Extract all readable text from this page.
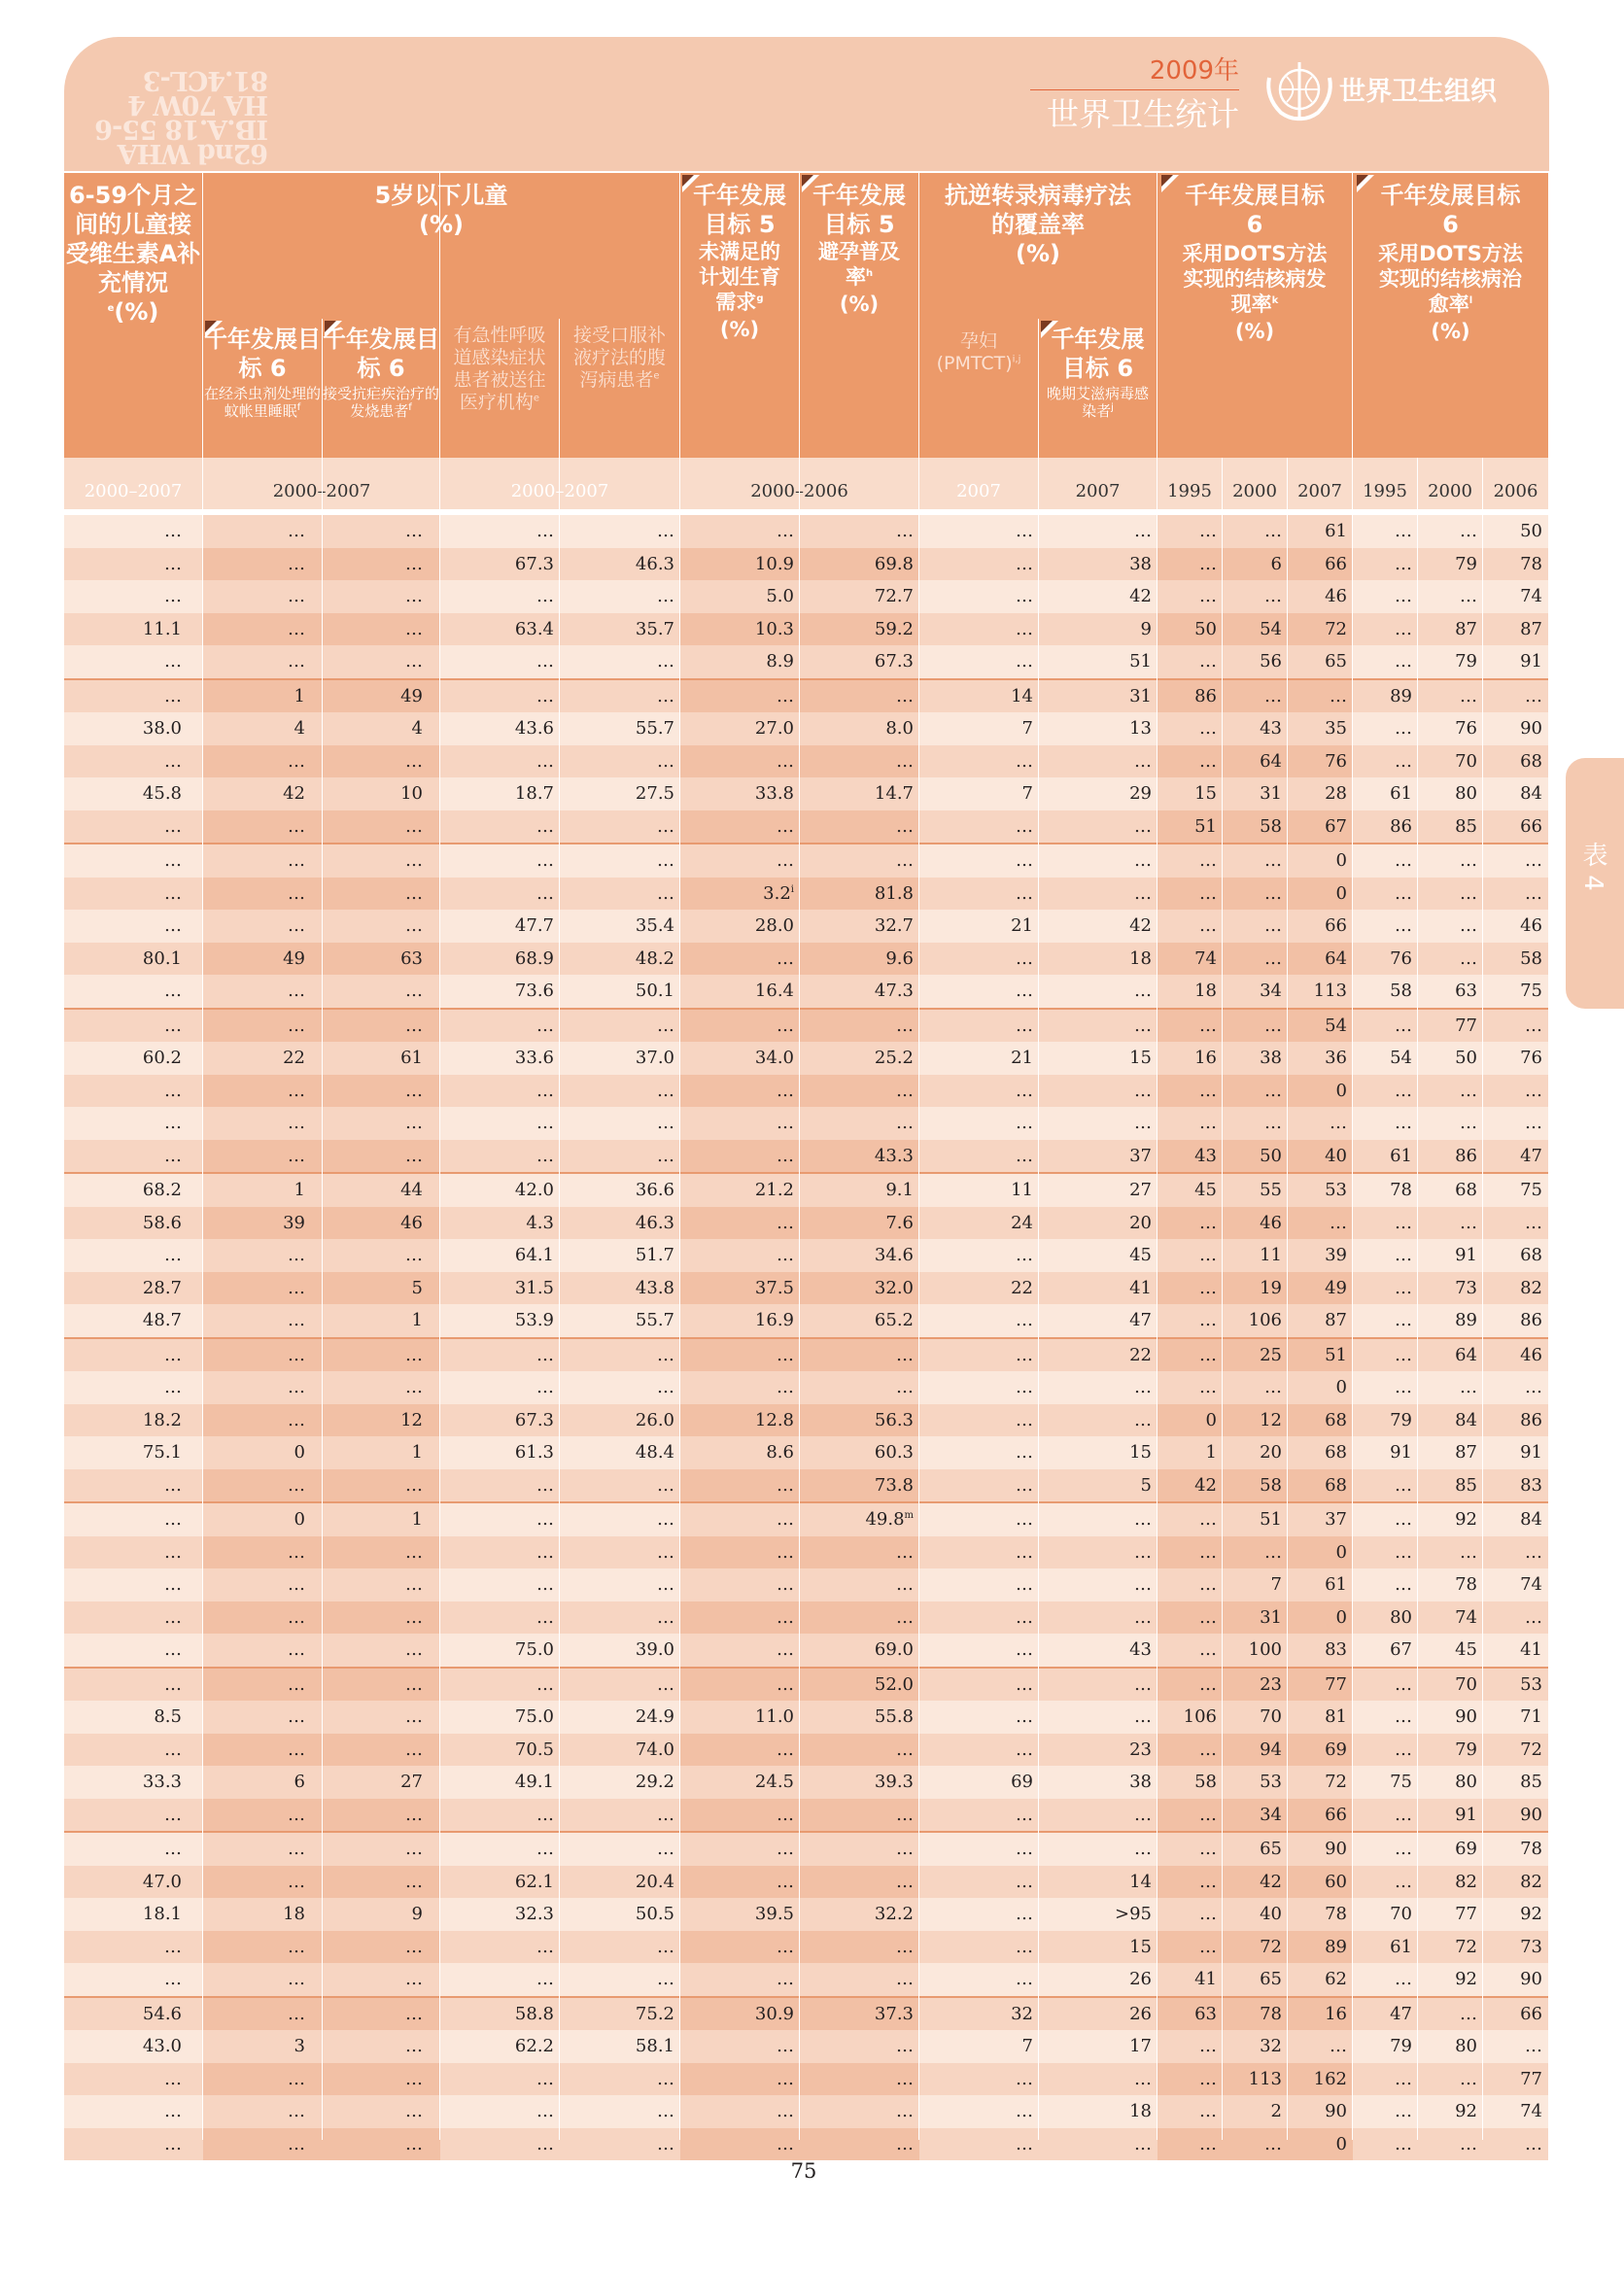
62nd WHA
IB.A.18 55-6
HA 70W 4
81.4CL-3	2009年
世界卫生统计
世界卫生组织
6-59个月之间的儿童接受维生素A补充情况
$^e$(%)
5岁以下儿童
(%)
千年发展目标 6
在经杀虫剂处理的蚊帐里睡眠$^f$
千年发展目标 6
接受抗疟疾治疗的发烧患者$^f$
有急性呼吸道感染症状患者被送往医疗机构$^e$
接受口服补液疗法的腹泻病患者$^e$
千年发展目标 5
未满足的计划生育需求$^g$
(%)
千年发展目标 5
避孕普及率$^h$
(%)
抗逆转录病毒疗法的覆盖率
(%)
孕妇 (PMTCT)$^{i,j}$
千年发展目标 6
晚期艾滋病毒感染者$^j$
千年发展目标 6
采用DOTS方法实现的结核病发现率$^k$
(%)
千年发展目标 6
采用DOTS方法实现的结核病治愈率$^l$
(%)
2000–2007	2000–2007	2000–2007	2000–2006	2007	2007	1995	2000	2007	1995	2000	2006
…	…	…	…	…	…	…	…	…	…	…	61	…	…	50
…	…	…	67.3	46.3	10.9	69.8	…	38	…	6	66	…	79	78
…	…	…	…	…	5.0	72.7	…	42	…	…	46	…	…	74
11.1	…	…	63.4	35.7	10.3	59.2	…	9	50	54	72	…	87	87
…	…	…	…	…	8.9	67.3	…	51	…	56	65	…	79	91
…	1	49	…	…	…	…	14	31	86	…	…	89	…	…
38.0	4	4	43.6	55.7	27.0	8.0	7	13	…	43	35	…	76	90
…	…	…	…	…	…	…	…	…	…	64	76	…	70	68
45.8	42	10	18.7	27.5	33.8	14.7	7	29	15	31	28	61	80	84
…	…	…	…	…	…	…	…	…	51	58	67	86	85	66
…	…	…	…	…	…	…	…	…	…	…	0	…	…	…
…	…	…	…	…	3.2$^i$	81.8	…	…	…	…	0	…	…	…
…	…	…	47.7	35.4	28.0	32.7	21	42	…	…	66	…	…	46
80.1	49	63	68.9	48.2	…	9.6	…	18	74	…	64	76	…	58
…	…	…	73.6	50.1	16.4	47.3	…	…	18	34	113	58	63	75
…	…	…	…	…	…	…	…	…	…	…	54	…	77	…
60.2	22	61	33.6	37.0	34.0	25.2	21	15	16	38	36	54	50	76
…	…	…	…	…	…	…	…	…	…	…	0	…	…	…
…	…	…	…	…	…	…	…	…	…	…	…	…	…	…
…	…	…	…	…	…	43.3	…	37	43	50	40	61	86	47
68.2	1	44	42.0	36.6	21.2	9.1	11	27	45	55	53	78	68	75
58.6	39	46	4.3	46.3	…	7.6	24	20	…	46	…	…	…	…
…	…	…	64.1	51.7	…	34.6	…	45	…	11	39	…	91	68
28.7	…	5	31.5	43.8	37.5	32.0	22	41	…	19	49	…	73	82
48.7	…	1	53.9	55.7	16.9	65.2	…	47	…	106	87	…	89	86
…	…	…	…	…	…	…	…	22	…	25	51	…	64	46
…	…	…	…	…	…	…	…	…	…	…	0	…	…	…
18.2	…	12	67.3	26.0	12.8	56.3	…	…	0	12	68	79	84	86
75.1	0	1	61.3	48.4	8.6	60.3	…	15	1	20	68	91	87	91
…	…	…	…	…	…	73.8	…	5	42	58	68	…	85	83
…	0	1	…	…	…	49.8$^m$	…	…	…	51	37	…	92	84
…	…	…	…	…	…	…	…	…	…	…	0	…	…	…
…	…	…	…	…	…	…	…	…	…	7	61	…	78	74
…	…	…	…	…	…	…	…	…	…	31	0	80	74	…
…	…	…	75.0	39.0	…	69.0	…	43	…	100	83	67	45	41
…	…	…	…	…	…	52.0	…	…	…	23	77	…	70	53
8.5	…	…	75.0	24.9	11.0	55.8	…	…	106	70	81	…	90	71
…	…	…	70.5	74.0	…	…	…	23	…	94	69	…	79	72
33.3	6	27	49.1	29.2	24.5	39.3	69	38	58	53	72	75	80	85
…	…	…	…	…	…	…	…	…	…	34	66	…	91	90
…	…	…	…	…	…	…	…	…	…	65	90	…	69	78
47.0	…	…	62.1	20.4	…	…	…	14	…	42	60	…	82	82
18.1	18	9	32.3	50.5	39.5	32.2	…	>95	…	40	78	70	77	92
…	…	…	…	…	…	…	…	15	…	72	89	61	72	73
…	…	…	…	…	…	…	…	26	41	65	62	…	92	90
54.6	…	…	58.8	75.2	30.9	37.3	32	26	63	78	16	47	…	66
43.0	3	…	62.2	58.1	…	…	7	17	…	32	…	79	80	…
…	…	…	…	…	…	…	…	…	…	113	162	…	…	77
…	…	…	…	…	…	…	…	18	…	2	90	…	92	74
…	…	…	…	…	…	…	…	…	…	…	0	…	…	…
表 4
75
